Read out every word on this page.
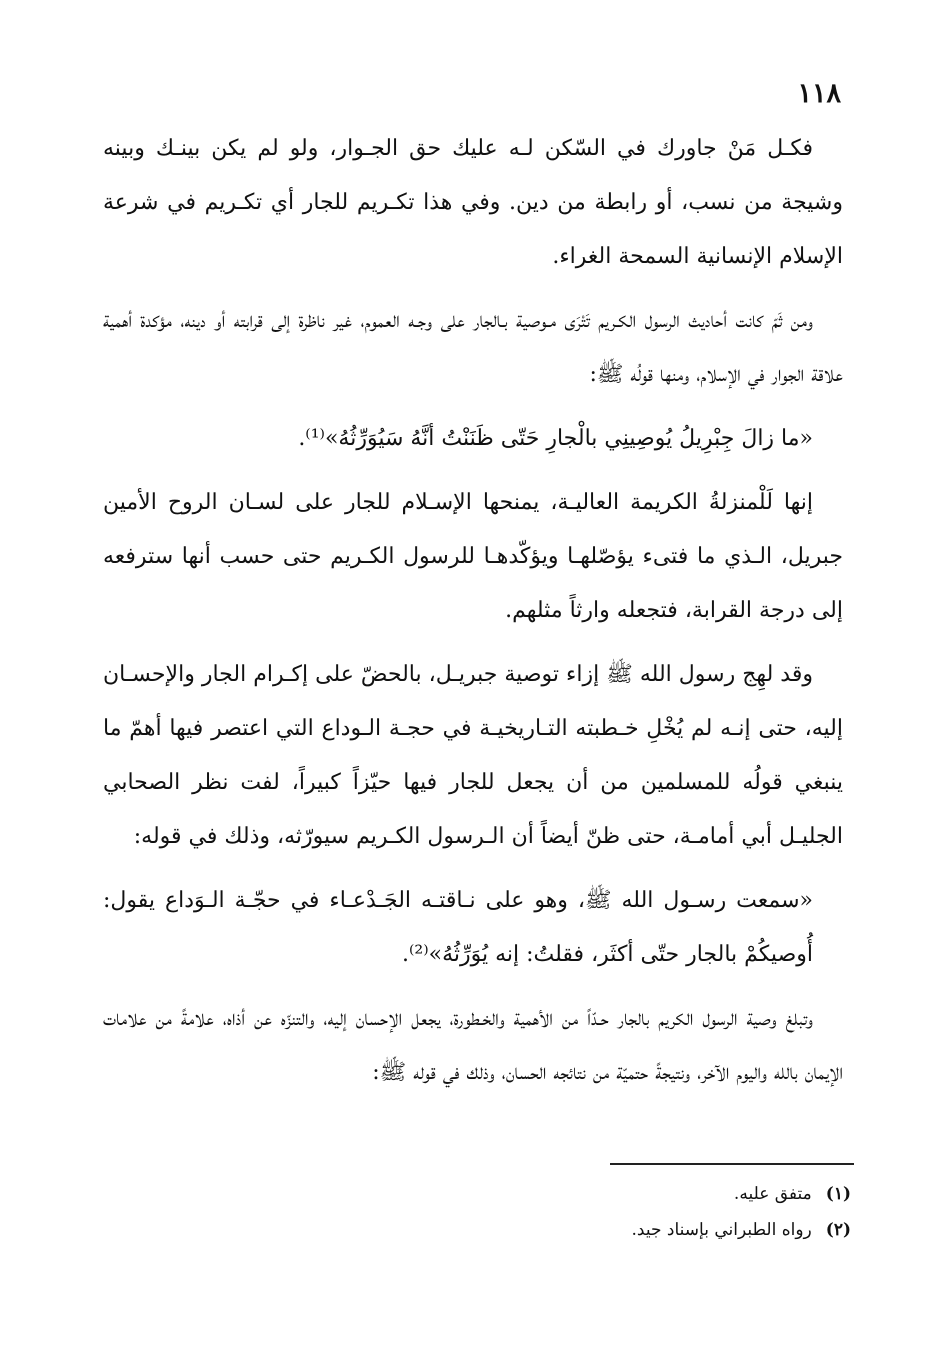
١١٨

فكـل مَنْ جاورك في السّكن لـه عليك حق الجـوار، ولو لم يكن بينـك وبينه وشيجة من نسب، أو رابطة من دين. وفي هذا تكـريم للجار أي تكـريم في شرعة الإسلام الإنسانية السمحة الغراء.

ومن ثَمّ كانت أحاديث الرسول الكـريم تَتْرَى مـوصية بـالجار على وجـه العموم، غير ناظرة إلى قرابته أو دينه، مؤكدة أهمية علاقة الجوار في الإسلام، ومنها قولُه ﷺ:

«ما زالَ جِبْرِيلُ يُوصِينِي بالْجارِ حَتّى ظَنَنْتُ أنَّهُ سَيُوَرِّثُهُ»⁽¹⁾.

إنها لَلْمنزلةُ الكريمة العاليـة، يمنحها الإسـلام للجار على لسـان الروح الأمين جبريل، الـذي ما فتىء يؤصّلهـا ويؤكّدهـا للرسول الكـريم حتى حسب أنها سترفعه إلى درجة القرابة، فتجعله وارثاً مثلهم.

وقد لهِج رسول الله ﷺ إزاء توصية جبريـل، بالحضّ على إكـرام الجار والإحسـان إليه، حتى إنـه لم يُخْلِ خـطبته التـاريخيـة في حجـة الـوداع التي اعتصر فيها أهمّ ما ينبغي قولُه للمسلمين من أن يجعل للجار فيها حيّزاً كبيراً، لفت نظر الصحابي الجليـل أبي أمامـة، حتى ظنّ أيضاً أن الـرسول الكـريم سيورّثه، وذلك في قوله:

«سمعت رسـول الله ﷺ، وهو على نـاقتـه الجَـدْعـاء في حجّـة الـوَداع يقول: أُوصيكُمْ بالجار حتّى أكثَر، فقلتُ: إنه يُوَرِّثُهُ»⁽²⁾.

وتبلغ وصية الرسول الكريم بالجار حـدّاً من الأهمية والخـطورة، يجعل الإحسان إليه، والتنزّه عن أذاه، علامةً من علامات الإيمان بالله واليوم الآخر، ونتيجةً حتميّة من نتائجه الحسان، وذلك في قوله ﷺ:

(١)
متفق عليه.
(٢)
رواه الطبراني بإسناد جيد.
